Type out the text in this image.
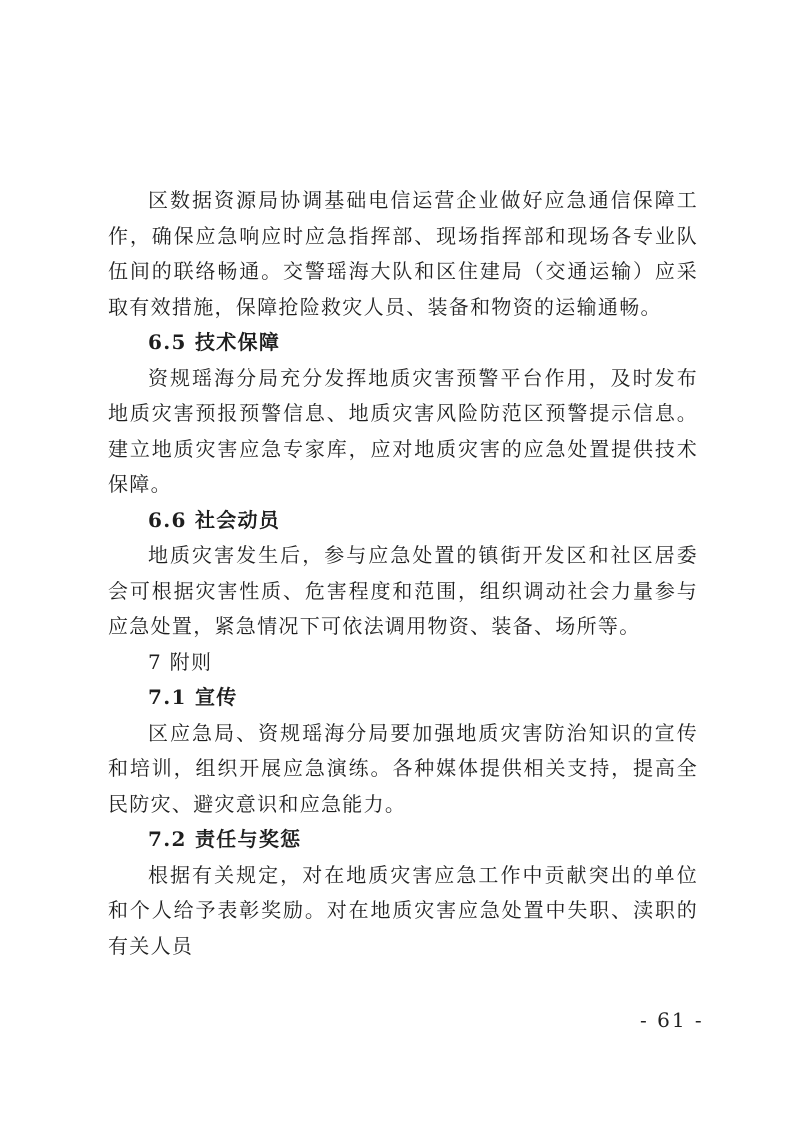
区数据资源局协调基础电信运营企业做好应急通信保障工作，确保应急响应时应急指挥部、现场指挥部和现场各专业队伍间的联络畅通。交警瑶海大队和区住建局（交通运输）应采取有效措施，保障抢险救灾人员、装备和物资的运输通畅。

6.5 技术保障

资规瑶海分局充分发挥地质灾害预警平台作用，及时发布地质灾害预报预警信息、地质灾害风险防范区预警提示信息。建立地质灾害应急专家库，应对地质灾害的应急处置提供技术保障。

6.6 社会动员

地质灾害发生后，参与应急处置的镇街开发区和社区居委会可根据灾害性质、危害程度和范围，组织调动社会力量参与应急处置，紧急情况下可依法调用物资、装备、场所等。

7 附则

7.1 宣传

区应急局、资规瑶海分局要加强地质灾害防治知识的宣传和培训，组织开展应急演练。各种媒体提供相关支持，提高全民防灾、避灾意识和应急能力。

7.2 责任与奖惩

根据有关规定，对在地质灾害应急工作中贡献突出的单位和个人给予表彰奖励。对在地质灾害应急处置中失职、渎职的有关人员

- 61 -
